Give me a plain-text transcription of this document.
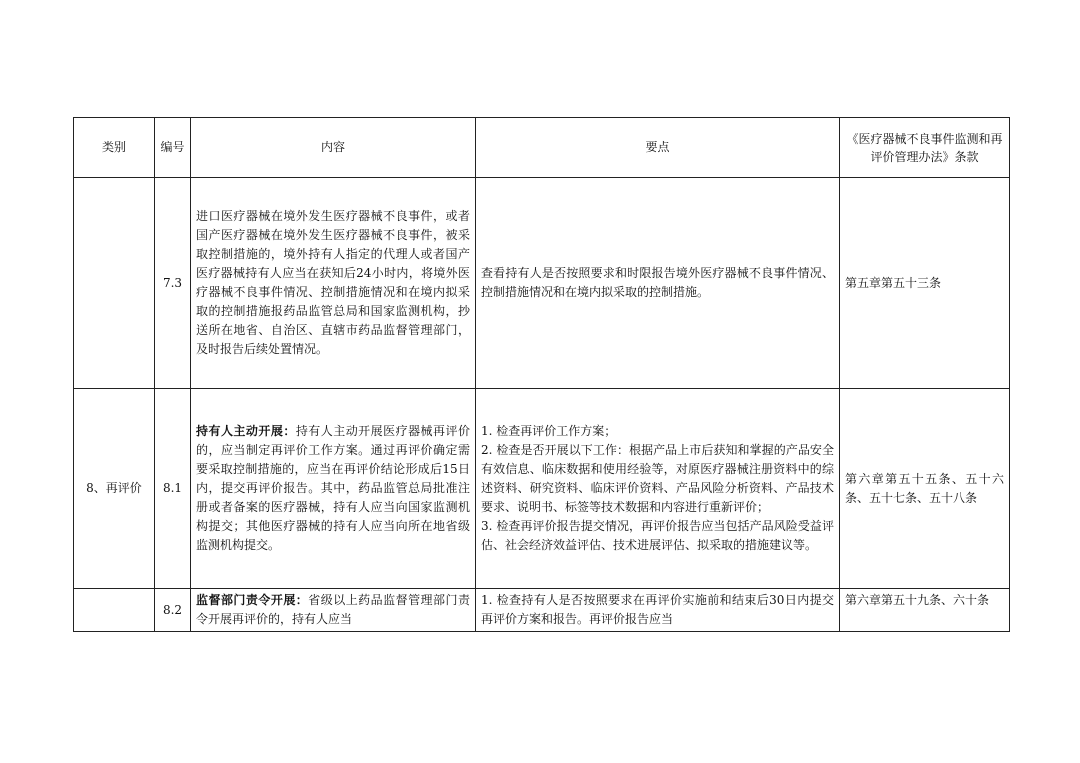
类别	编号	内容	要点	《医疗器械不良事件监测和再评价管理办法》条款
	7.3	进口医疗器械在境外发生医疗器械不良事件，或者国产医疗器械在境外发生医疗器械不良事件，被采取控制措施的，境外持有人指定的代理人或者国产医疗器械持有人应当在获知后24小时内，将境外医疗器械不良事件情况、控制措施情况和在境内拟采取的控制措施报药品监管总局和国家监测机构，抄送所在地省、自治区、直辖市药品监督管理部门，及时报告后续处置情况。	查看持有人是否按照要求和时限报告境外医疗器械不良事件情况、控制措施情况和在境内拟采取的控制措施。	第五章第五十三条
8、再评价	8.1	持有人主动开展：持有人主动开展医疗器械再评价的，应当制定再评价工作方案。通过再评价确定需要采取控制措施的，应当在再评价结论形成后15日内，提交再评价报告。其中，药品监管总局批准注册或者备案的医疗器械，持有人应当向国家监测机构提交；其他医疗器械的持有人应当向所在地省级监测机构提交。	1. 检查再评价工作方案；
2. 检查是否开展以下工作：根据产品上市后获知和掌握的产品安全有效信息、临床数据和使用经验等，对原医疗器械注册资料中的综述资料、研究资料、临床评价资料、产品风险分析资料、产品技术要求、说明书、标签等技术数据和内容进行重新评价；
3. 检查再评价报告提交情况，再评价报告应当包括产品风险受益评估、社会经济效益评估、技术进展评估、拟采取的措施建议等。	第六章第五十五条、五十六条、五十七条、五十八条

	8.2	监督部门责令开展：省级以上药品监督管理部门责令开展再评价的，持有人应当	1. 检查持有人是否按照要求在再评价实施前和结束后30日内提交再评价方案和报告。再评价报告应当	第六章第五十九条、六十条
